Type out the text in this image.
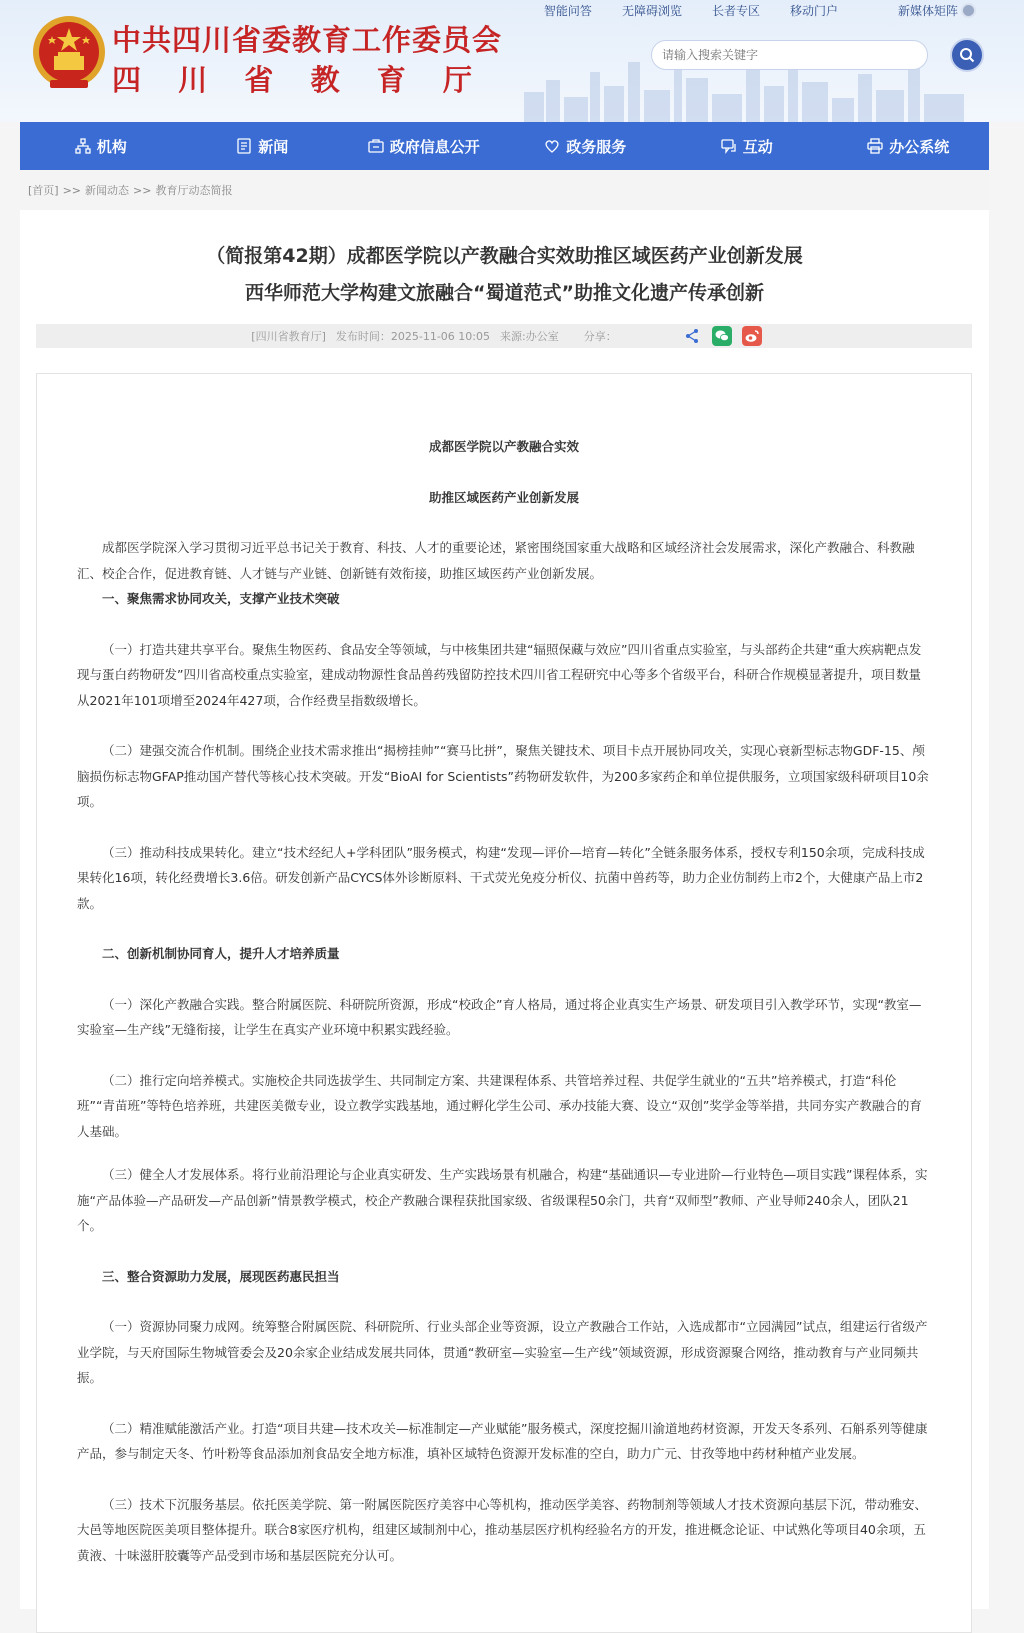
中共四川省委教育工作委员会
四 川 省 教 育 厅
智能问答	无障碍浏览	长者专区	移动门户	新媒体矩阵
请输入搜索关键字
机构	新闻	政府信息公开	政务服务	互动	办公系统
[首页] >> 新闻动态 >> 教育厅动态简报
（简报第42期）成都医学院以产教融合实效助推区域医药产业创新发展
西华师范大学构建文旅融合“蜀道范式”助推文化遗产传承创新
[四川省教育厅] 发布时间：2025-11-06 10:05 来源:办公室 分享：

成都医学院以产教融合实效

助推区域医药产业创新发展

成都医学院深入学习贯彻习近平总书记关于教育、科技、人才的重要论述，紧密围绕国家重大战略和区域经济社会发展需求，深化产教融合、科教融汇、校企合作，促进教育链、人才链与产业链、创新链有效衔接，助推区域医药产业创新发展。

一、聚焦需求协同攻关，支撑产业技术突破

（一）打造共建共享平台。聚焦生物医药、食品安全等领域，与中核集团共建“辐照保藏与效应”四川省重点实验室，与头部药企共建“重大疾病靶点发现与蛋白药物研发”四川省高校重点实验室，建成动物源性食品兽药残留防控技术四川省工程研究中心等多个省级平台，科研合作规模显著提升，项目数量从2021年101项增至2024年427项，合作经费呈指数级增长。

（二）建强交流合作机制。围绕企业技术需求推出“揭榜挂帅”“赛马比拼”，聚焦关键技术、项目卡点开展协同攻关，实现心衰新型标志物GDF-15、颅脑损伤标志物GFAP推动国产替代等核心技术突破。开发“BioAI for Scientists”药物研发软件，为200多家药企和单位提供服务，立项国家级科研项目10余项。

（三）推动科技成果转化。建立“技术经纪人+学科团队”服务模式，构建“发现—评价—培育—转化”全链条服务体系，授权专利150余项，完成科技成果转化16项，转化经费增长3.6倍。研发创新产品CYCS体外诊断原料、干式荧光免疫分析仪、抗菌中兽药等，助力企业仿制药上市2个，大健康产品上市2款。

二、创新机制协同育人，提升人才培养质量

（一）深化产教融合实践。整合附属医院、科研院所资源，形成“校政企”育人格局，通过将企业真实生产场景、研发项目引入教学环节，实现“教室—实验室—生产线”无缝衔接，让学生在真实产业环境中积累实践经验。

（二）推行定向培养模式。实施校企共同选拔学生、共同制定方案、共建课程体系、共管培养过程、共促学生就业的“五共”培养模式，打造“科伦班”“青苗班”等特色培养班，共建医美微专业，设立教学实践基地，通过孵化学生公司、承办技能大赛、设立“双创”奖学金等举措，共同夯实产教融合的育人基础。

（三）健全人才发展体系。将行业前沿理论与企业真实研发、生产实践场景有机融合，构建“基础通识—专业进阶—行业特色—项目实践”课程体系，实施“产品体验—产品研发—产品创新”情景教学模式，校企产教融合课程获批国家级、省级课程50余门，共育“双师型”教师、产业导师240余人，团队21个。

三、整合资源助力发展，展现医药惠民担当

（一）资源协同聚力成网。统筹整合附属医院、科研院所、行业头部企业等资源，设立产教融合工作站，入选成都市“立园满园”试点，组建运行省级产业学院，与天府国际生物城管委会及20余家企业结成发展共同体，贯通“教研室—实验室—生产线”领域资源，形成资源聚合网络，推动教育与产业同频共振。

（二）精准赋能激活产业。打造“项目共建—技术攻关—标准制定—产业赋能”服务模式，深度挖掘川渝道地药材资源，开发天冬系列、石斛系列等健康产品，参与制定天冬、竹叶粉等食品添加剂食品安全地方标准，填补区域特色资源开发标准的空白，助力广元、甘孜等地中药材种植产业发展。

（三）技术下沉服务基层。依托医美学院、第一附属医院医疗美容中心等机构，推动医学美容、药物制剂等领域人才技术资源向基层下沉，带动雅安、大邑等地医院医美项目整体提升。联合8家医疗机构，组建区域制剂中心，推动基层医疗机构经验名方的开发，推进概念论证、中试熟化等项目40余项，五黄液、十味滋肝胶囊等产品受到市场和基层医院充分认可。
